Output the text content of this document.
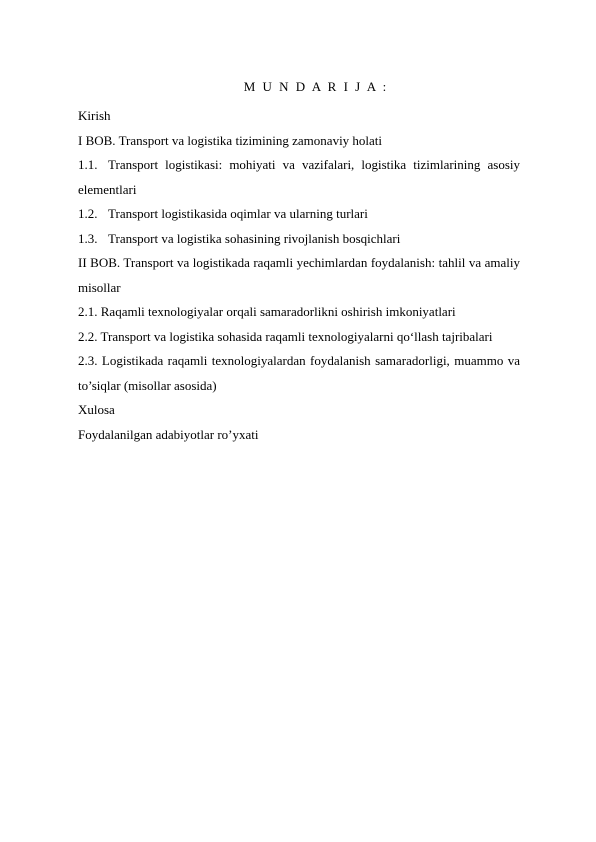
M U N D A R I J A :

Kirish

I BOB. Transport va logistika tizimining zamonaviy holati

1.1. Transport logistikasi: mohiyati va vazifalari, logistika tizimlarining asosiy elementlari

1.2. Transport logistikasida oqimlar va ularning turlari

1.3. Transport va logistika sohasining rivojlanish bosqichlari

II BOB. Transport va logistikada raqamli yechimlardan foydalanish: tahlil va amaliy misollar

2.1. Raqamli texnologiyalar orqali samaradorlikni oshirish imkoniyatlari

2.2. Transport va logistika sohasida raqamli texnologiyalarni qo‘llash tajribalari

2.3. Logistikada raqamli texnologiyalardan foydalanish samaradorligi, muammo va to’siqlar (misollar asosida)

Xulosa

Foydalanilgan adabiyotlar ro’yxati
